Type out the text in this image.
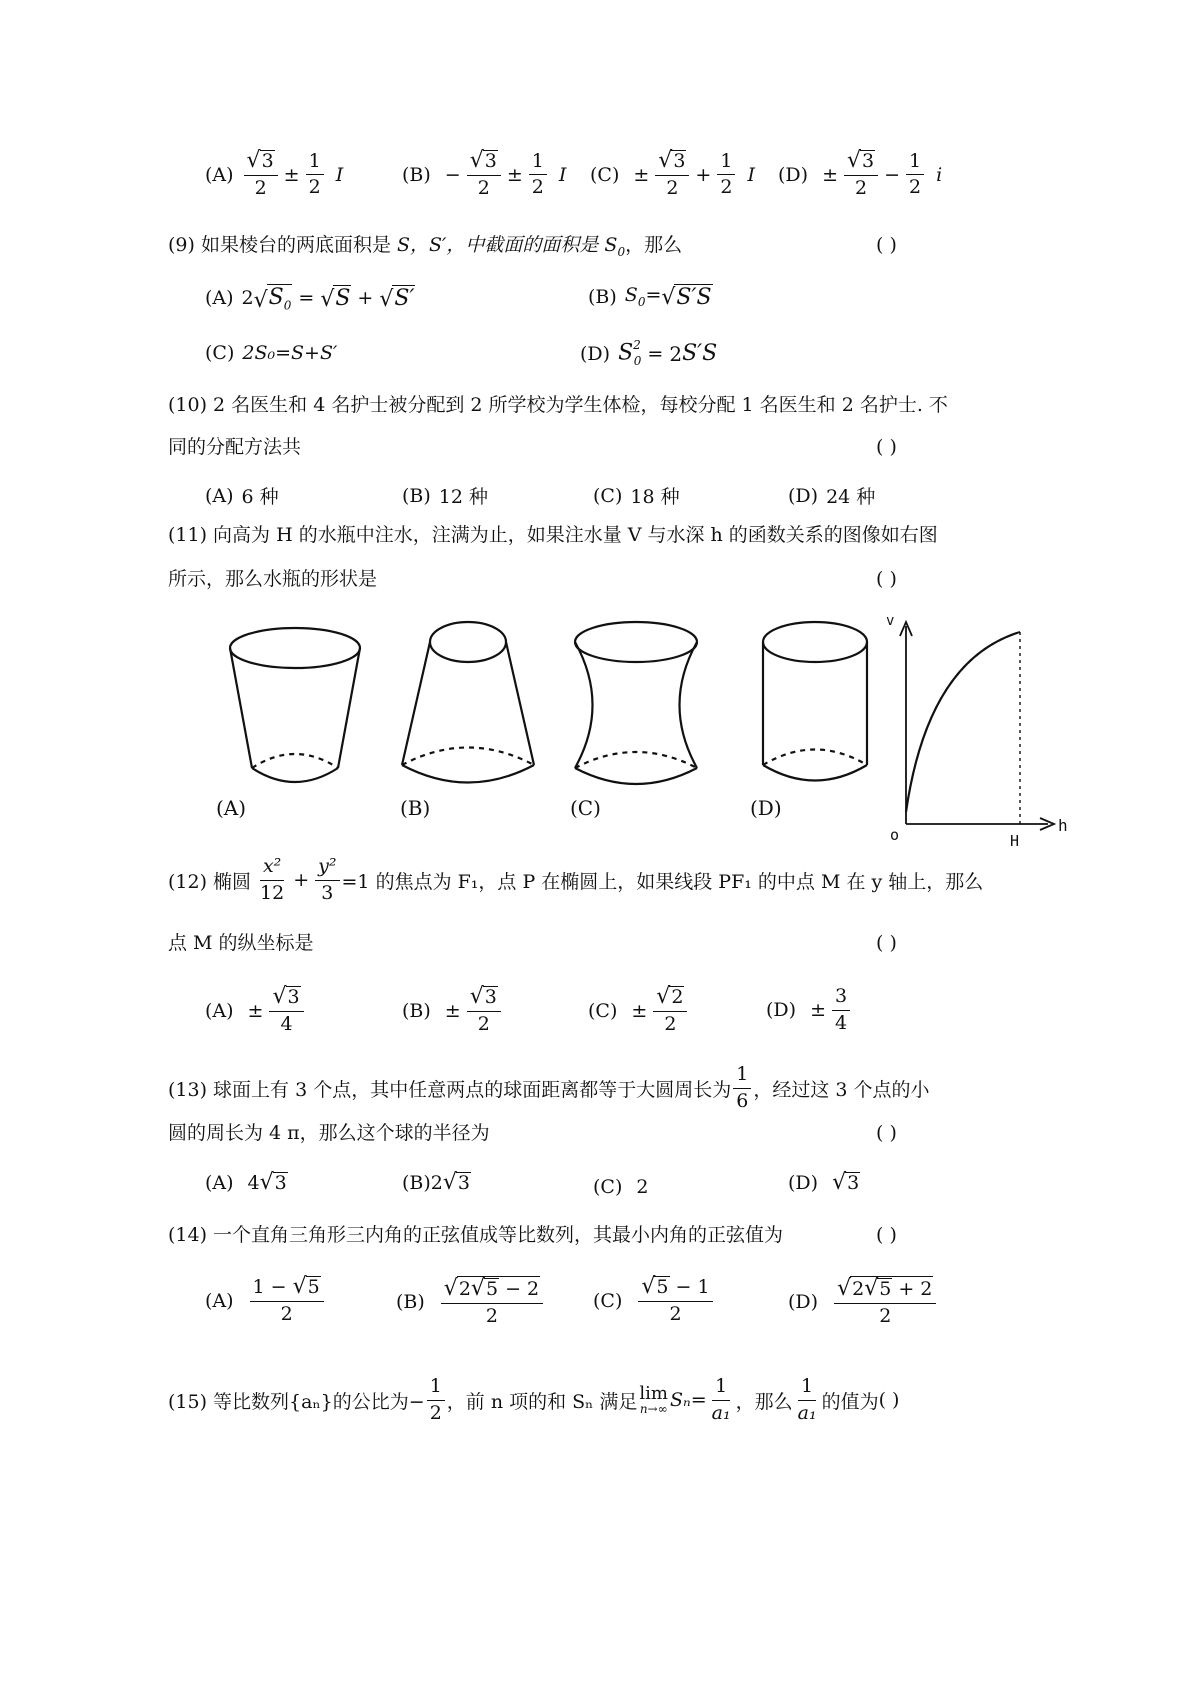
$(A) \frac{√ 3}{2} \pm \frac{1}{2}$ I	$(B) - \frac{√ 3}{2} \pm \frac{1}{2}$ I $(C) \pm \frac{√ 3}{2} + \frac{1}{2}$ I $(D) \pm \frac{√ 3}{2} - \frac{1}{2}$ i
(9) 如果棱台的两底面积是 S，S′，中截面的面积是 $S_0$，那么	( )
(A) 2 √ $S_0$ = √ S + √ S′	(B) $S_0=$ √ S′S
(C) 2S₀=S+S′	(D) $S^2_0 = 2$ S′S
(10) 2 名医生和 4 名护士被分配到 2 所学校为学生体检，每校分配 1 名医生和 2 名护士. 不
同的分配方法共	( )
(A) 6 种	(B) 12 种	(C) 18 种	(D) 24 种
(11) 向高为 H 的水瓶中注水，注满为止，如果注水量 V 与水深 h 的函数关系的图像如右图
所示，那么水瓶的形状是	( )
(A)	(B)	(C)	(D)
v
h
o	H
(12) 椭圆 $\frac{\text{x²}}{12} + \frac{\text{y²}}{3} =1$ 的焦点为 F₁，点 P 在椭圆上，如果线段 PF₁ 的中点 M 在 y 轴上，那么
点 M 的纵坐标是	( )
$(A) \pm \frac{√ 3}{4}$	$(B) \pm \frac{√ 3}{2}$	$(C) \pm \frac{√ 2}{2}$	$(D) \pm \frac{3}{4}$
(13) 球面上有 3 个点，其中任意两点的球面距离都等于大圆周长为 $\frac{1}{6}$ ，经过这 3 个点的小
圆的周长为 4 π，那么这个球的半径为	( )
(A) 4 √ 3	(B) 2 √ 3	(C) 2	(D) √ 3
(14) 一个直角三角形三内角的正弦值成等比数列，其最小内角的正弦值为	( )
$(A) \frac{1 - √ 5}{2}$	$(B) \frac{√ 2 √ 5 - 2}{2}$	$(C) \frac{√ 5 - 1}{2}$	$(D) \frac{√ 2 √ 5 + 2}{2}$
(15) 等比数列{aₙ}的公比为− $\frac{1}{2}$ ，前 n 项的和 Sₙ 满足 lim
n→∞ $S_n= \frac{1}{\text{a₁}}$ ，那么 $\frac{1}{\text{a₁}}$ 的值为 ( )
